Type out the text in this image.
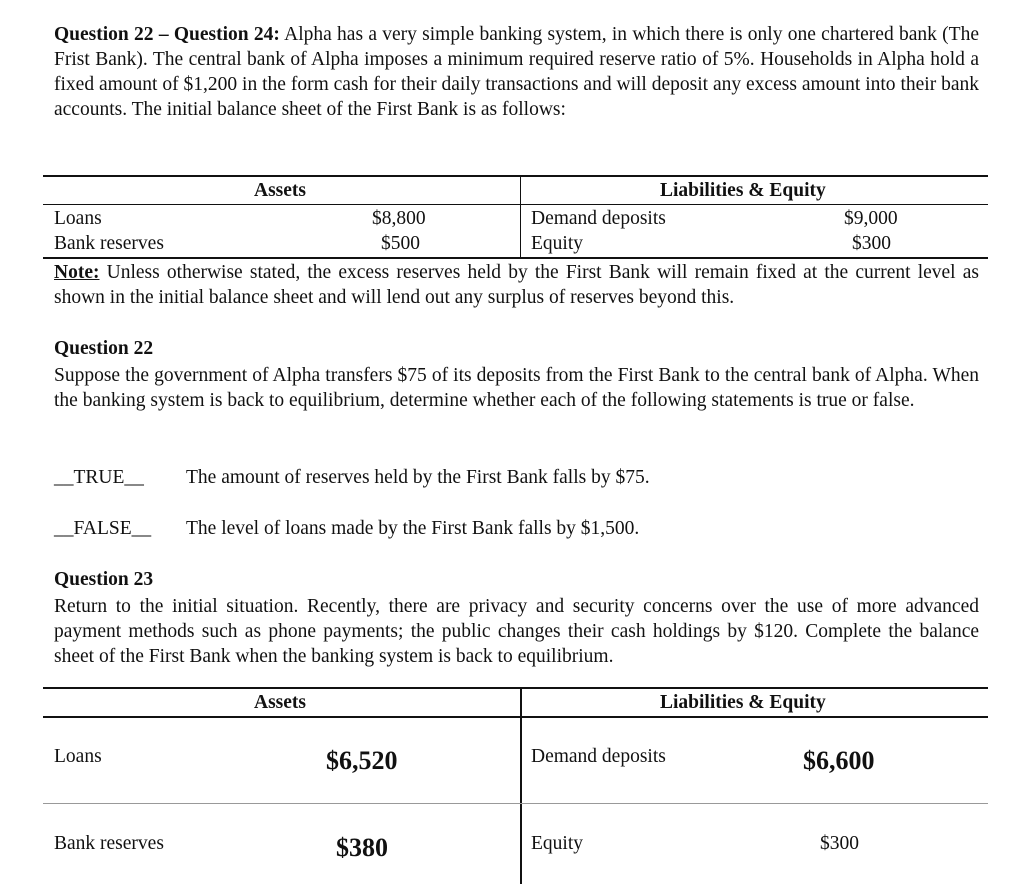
Question 22 – Question 24: Alpha has a very simple banking system, in which there is only one chartered bank (The Frist Bank). The central bank of Alpha imposes a minimum required reserve ratio of 5%. Households in Alpha hold a fixed amount of $1,200 in the form cash for their daily transactions and will deposit any excess amount into their bank accounts. The initial balance sheet of the First Bank is as follows:

Assets	Liabilities & Equity
Loans	$8,800	Demand deposits	$9,000
Bank reserves	$500	Equity	$300

Note: Unless otherwise stated, the excess reserves held by the First Bank will remain fixed at the current level as shown in the initial balance sheet and will lend out any surplus of reserves beyond this.

Question 22

Suppose the government of Alpha transfers $75 of its deposits from the First Bank to the central bank of Alpha. When the banking system is back to equilibrium, determine whether each of the following statements is true or false.

__TRUE__ The amount of reserves held by the First Bank falls by $75.
__FALSE__ The level of loans made by the First Bank falls by $1,500.

Question 23

Return to the initial situation. Recently, there are privacy and security concerns over the use of more advanced payment methods such as phone payments; the public changes their cash holdings by $120. Complete the balance sheet of the First Bank when the banking system is back to equilibrium.

Assets	Liabilities & Equity
Loans	$6,520	Demand deposits	$6,600
Bank reserves	$380	Equity	$300
